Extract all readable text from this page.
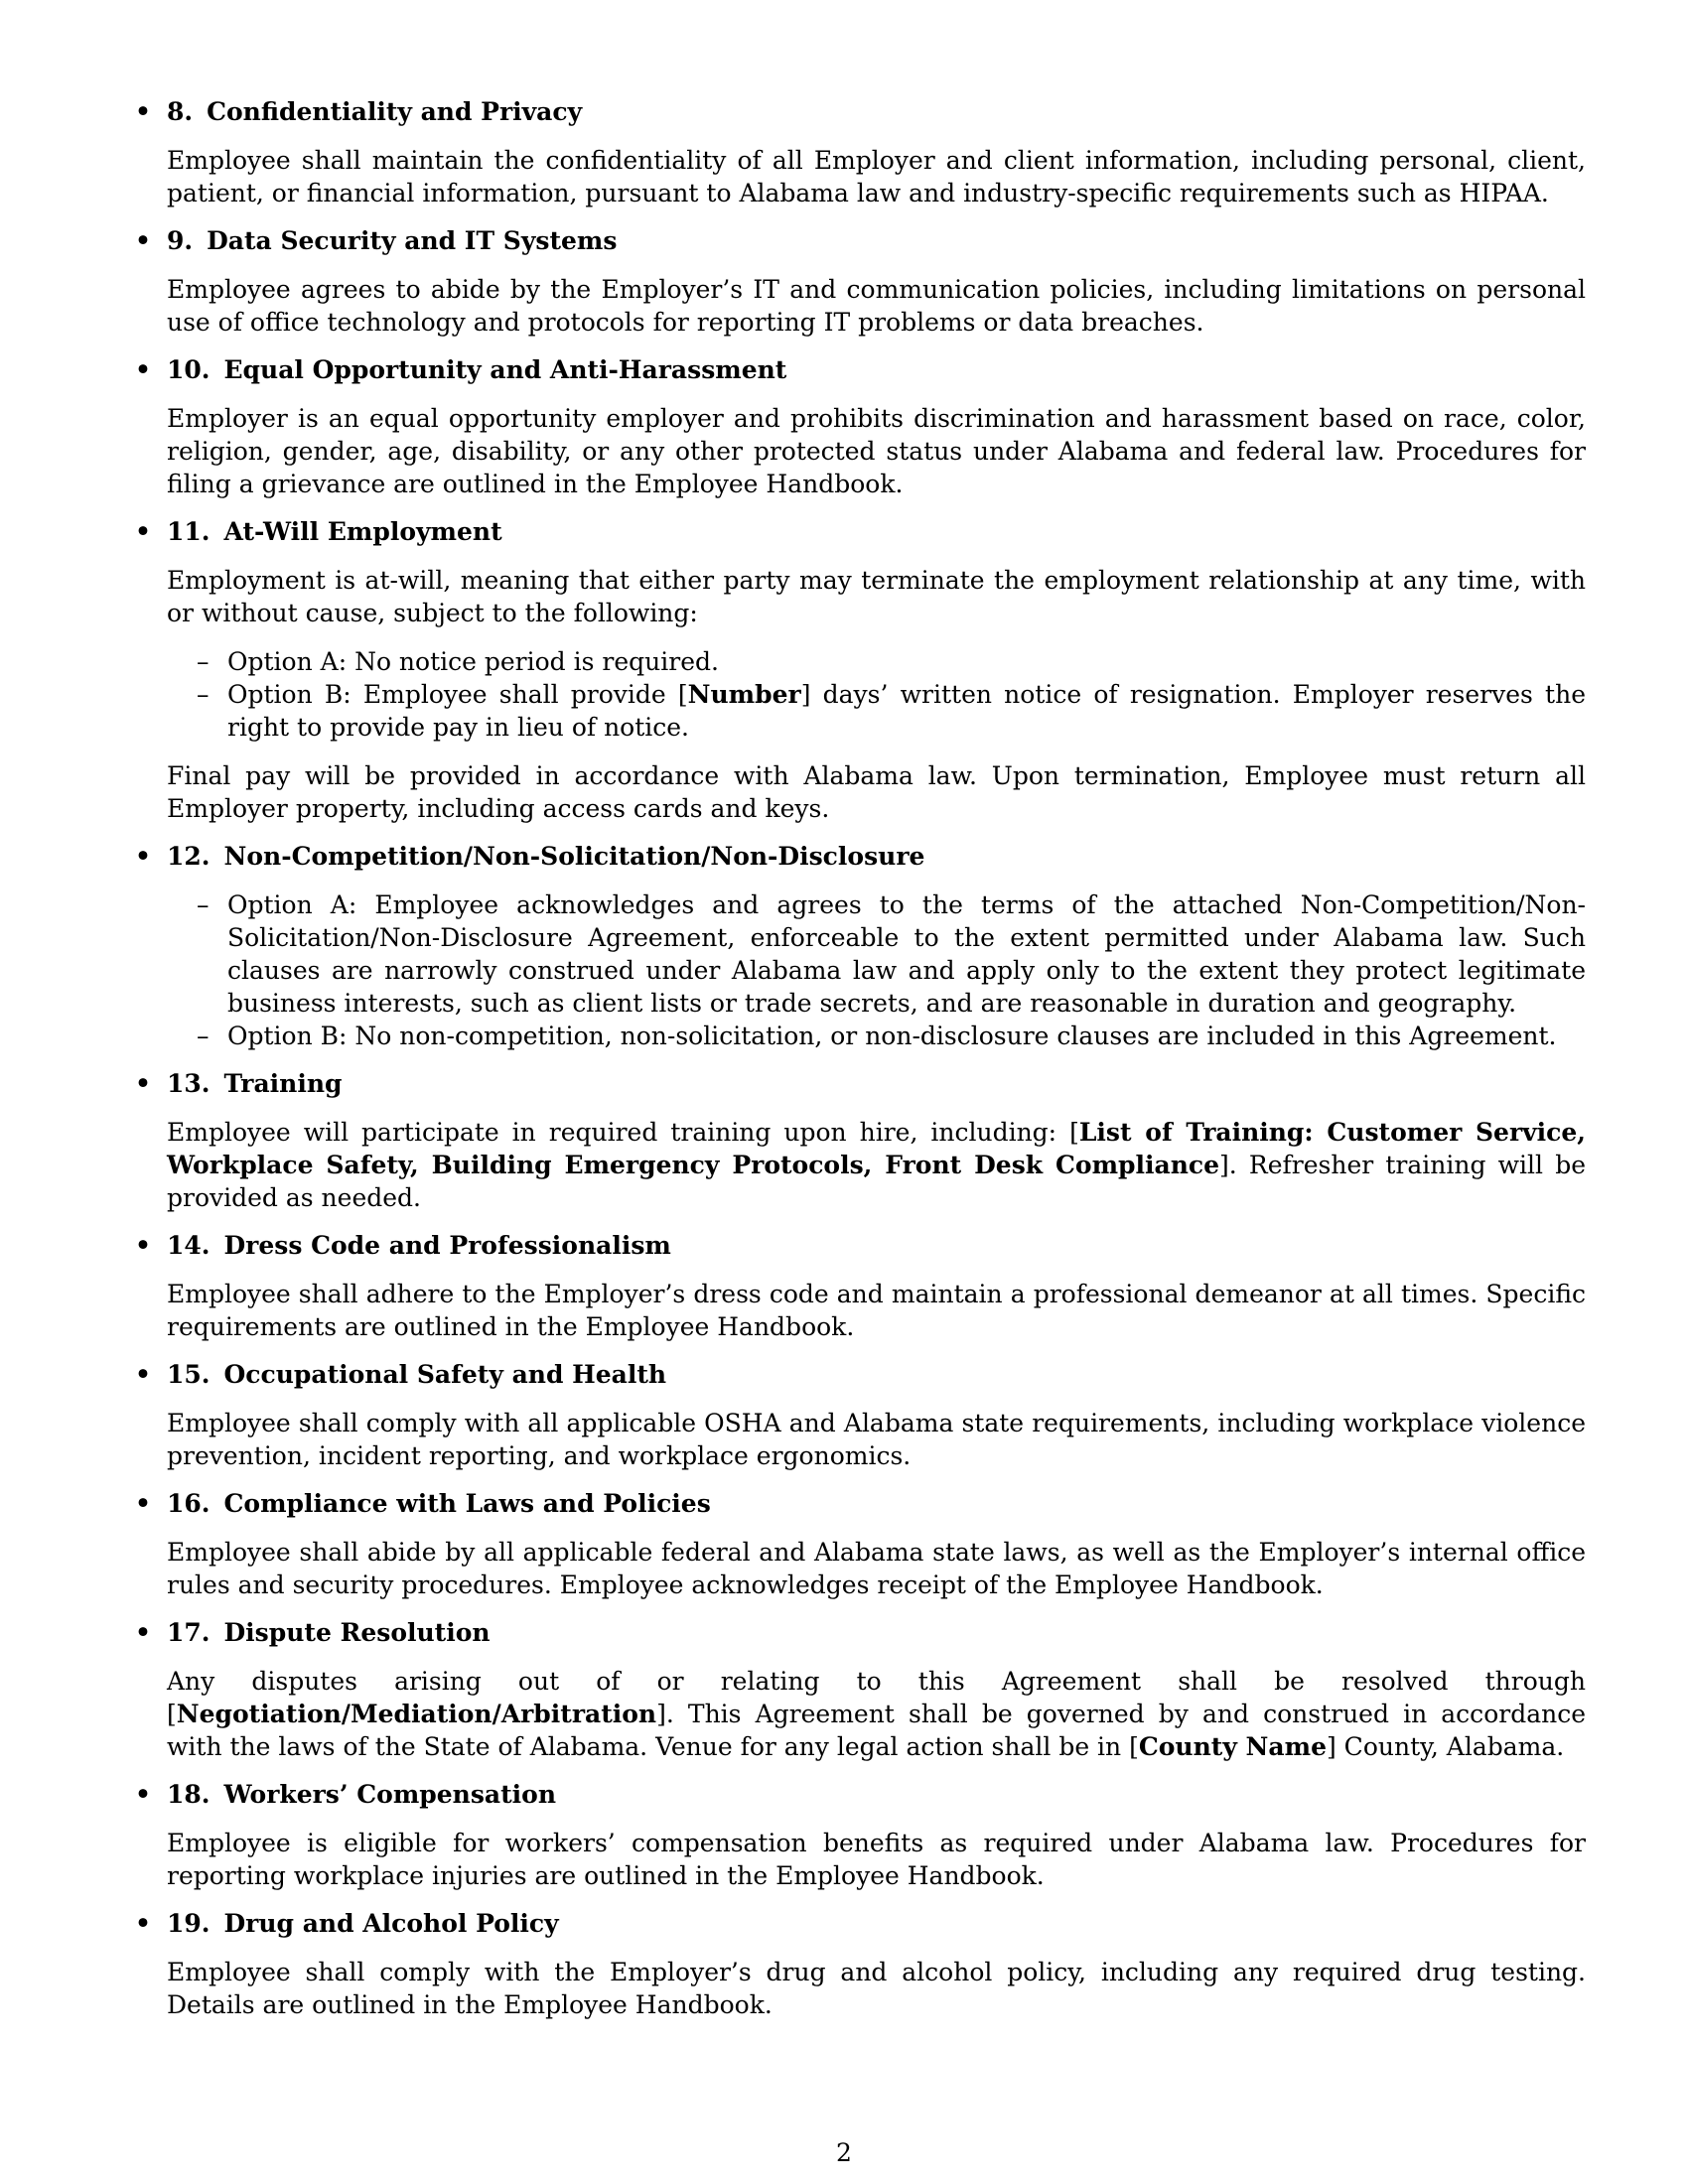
• 8. Confidentiality and Privacy

Employee shall maintain the confidentiality of all Employer and client information, including personal, client, patient, or financial information, pursuant to Alabama law and industry-specific requirements such as HIPAA.

• 9. Data Security and IT Systems

Employee agrees to abide by the Employer’s IT and communication policies, including limitations on personal use of office technology and protocols for reporting IT problems or data breaches.

• 10. Equal Opportunity and Anti-Harassment

Employer is an equal opportunity employer and prohibits discrimination and harassment based on race, color, religion, gender, age, disability, or any other protected status under Alabama and federal law. Procedures for filing a grievance are outlined in the Employee Handbook.

• 11. At-Will Employment

Employment is at-will, meaning that either party may terminate the employment relationship at any time, with or without cause, subject to the following:

– Option A: No notice period is required.
– Option B: Employee shall provide [Number] days’ written notice of resignation. Employer reserves the right to provide pay in lieu of notice.

Final pay will be provided in accordance with Alabama law. Upon termination, Employee must return all Employer property, including access cards and keys.

• 12. Non-Competition/Non-Solicitation/Non-Disclosure
– Option A: Employee acknowledges and agrees to the terms of the attached Non-Competition/Non-Solicitation/Non-Disclosure Agreement, enforceable to the extent permitted under Alabama law. Such clauses are narrowly construed under Alabama law and apply only to the extent they protect legitimate business interests, such as client lists or trade secrets, and are reasonable in duration and geography.
– Option B: No non-competition, non-solicitation, or non-disclosure clauses are included in this Agreement.
• 13. Training

Employee will participate in required training upon hire, including: [List of Training: Customer Service, Workplace Safety, Building Emergency Protocols, Front Desk Compliance]. Refresher training will be provided as needed.

• 14. Dress Code and Professionalism

Employee shall adhere to the Employer’s dress code and maintain a professional demeanor at all times. Specific requirements are outlined in the Employee Handbook.

• 15. Occupational Safety and Health

Employee shall comply with all applicable OSHA and Alabama state requirements, including workplace violence prevention, incident reporting, and workplace ergonomics.

• 16. Compliance with Laws and Policies

Employee shall abide by all applicable federal and Alabama state laws, as well as the Employer’s internal office rules and security procedures. Employee acknowledges receipt of the Employee Handbook.

• 17. Dispute Resolution

Any disputes arising out of or relating to this Agreement shall be resolved through [Negotiation/Mediation/Arbitration]. This Agreement shall be governed by and construed in accordance with the laws of the State of Alabama. Venue for any legal action shall be in [County Name] County, Alabama.

• 18. Workers’ Compensation

Employee is eligible for workers’ compensation benefits as required under Alabama law. Procedures for reporting workplace injuries are outlined in the Employee Handbook.

• 19. Drug and Alcohol Policy

Employee shall comply with the Employer’s drug and alcohol policy, including any required drug testing. Details are outlined in the Employee Handbook.

2
